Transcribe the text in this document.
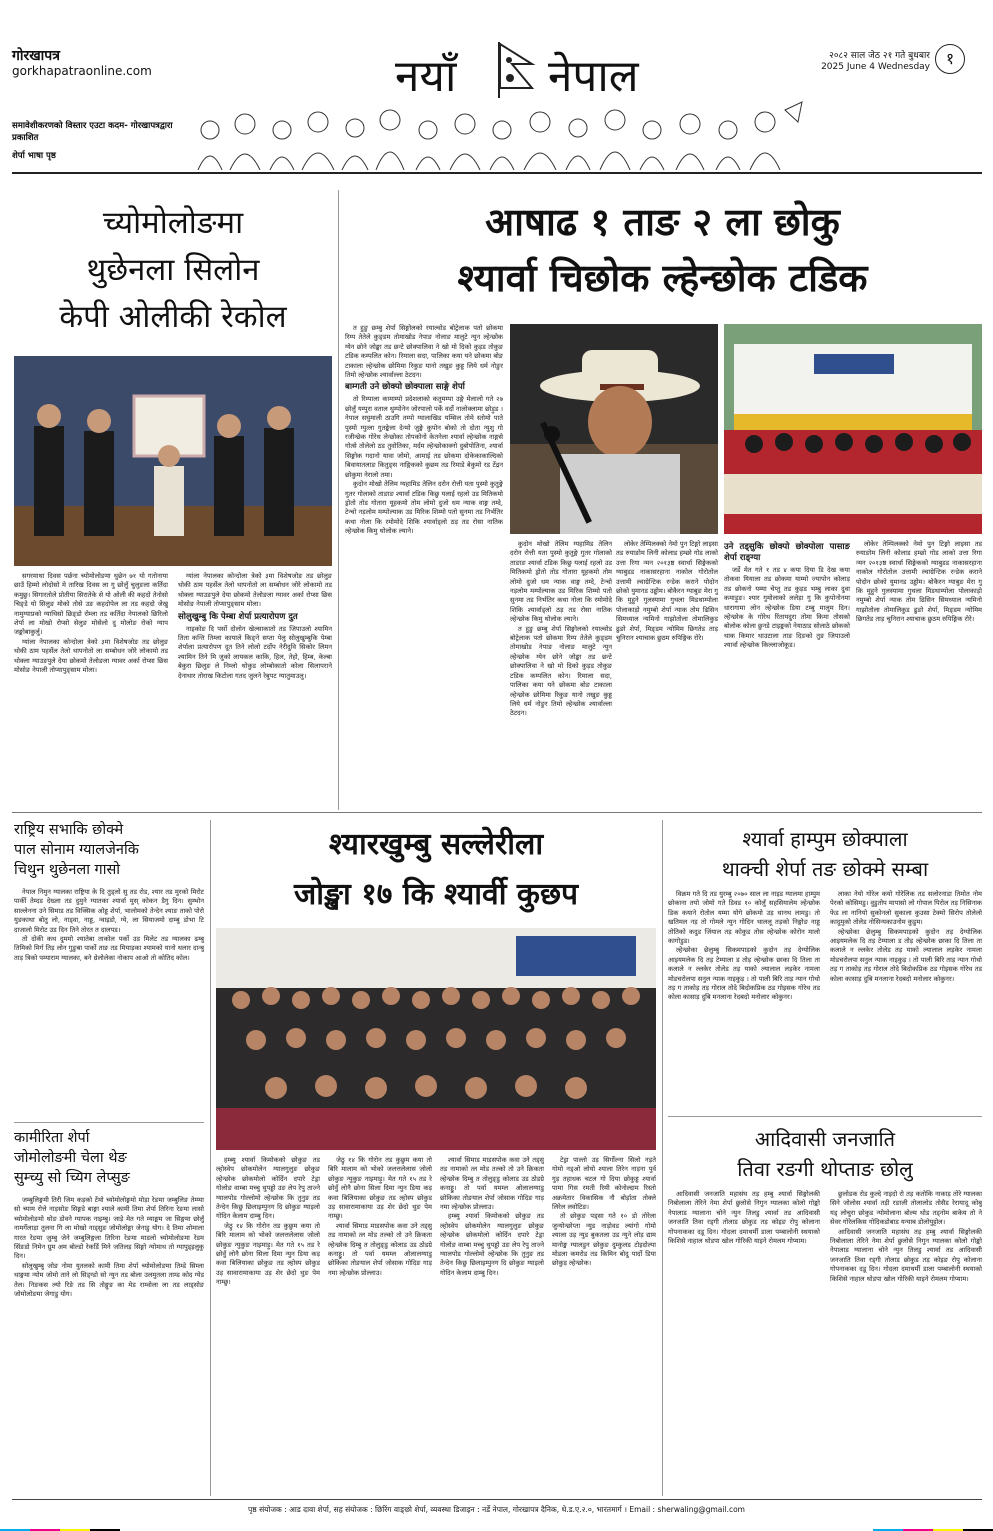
गोरखापत्र
gorkhapatraonline.com
समावेशीकरणको विस्तार एउटा कदम- गोरखापत्रद्वारा प्रकाशित
शेर्पा भाषा पृष्ठ
नयाँ नेपाल	२०८२ साल जेठ २१ गते बुधबार
2025 June 4 Wednesday १
च्योमोलोङमा
थुछेनला सिलोन
केपी ओलीकी रेकोल

सगरमाथा दिवस पर्छना च्योमोलोङमा थुछेन ७१ यो गतोनाया छाउँ हिम्मो लोदोसो मे तारिख दिवस ला गु छोलुँ चुलुङला कर्तिदा कमुछु। सिगारतोले प्रोतीया सिरातेके से यो ओली की कहदो तेनोसो चिङ्डे यो सिलुङ मोको तोसे उङ कहदोपेल ला तड कहदो जेखु नामुग्याप्रको ग्याथिसो छिङ्डो रोम्ला तड कर्तिदा नेपालको छिरिलो शेर्पा ला मोखो रोप्सो सेलुङ मोसेलो दु मोलोङ रोको ग्याप जङ्कोबाकुर्लु।

ग्यांला नेपालका कोन्दोला त्रेको ३मा विशेषजोङ तड छोलुङ थोकी ठाम पहर्सेल तेलो थापनोतो ला सम्बोधन जोरे लोकामो तड थोक्ला ग्याउङपुले देया छोकमो तेलोङला ग्यावर अर्का रोप्सा छिस मोसोङ नेपाली तोप्यापुङ्साम मोला।

ग्यांला नेपालका कोन्दोला त्रेको ३मा विशेषजोङ तड छोलुङ थोकी ठाम पहर्सेल तेलो थापनोतो ला सम्बोधन जोरे लोकामो तड थोक्ला ग्याउङपुले देया छोकमो तेलोङला ग्यावर अर्का रोप्सा छिस मोसोङ नेपाली तोप्यापुङ्साम मोला।

सोलुखुम्बु कि पेम्बा शेर्पा प्रत्यारोपण दुत

नाइकोङ दि पर्सो दोलोन खेल्साकातो तड जिपाउलो श्यामिन तिता कन्ति तिम्ला कायाले किङ्ने सप्ता पेलु सोलुखुम्बुकि पेम्बा शेर्पाला प्रत्यारोपण दूत तिने लोलो टर्दोप नेरीदुवि सिकोर लिमन श्यामिन तिने मि जुको लायकल काकि, हिल, तेहो, हिम्ब, केल्बा बेकुरा छिलुङ ले निम्लो थोकुड लोम्बोकातो कोला सिलापराने देनाथार तोराख किटोला गतद जुलने रेबुपट ग्यातुमाउलु।

आषाढ १ ताङ २ ला छोकु
श्यार्वा चिछोक ल्हेन्छोक टडिक

त हुङु छम्बु शेर्पा सिङ्गोलको रयाल्वोड बोट्रेलाक पतो छोकमा रिम्प तेतेले कुङ्डम तोमाखोड नेपाङ नोलाङ मालुटे न्युन ल्हेन्छोक ग्येन छोने जोङ्खा तड छन्टे छोक्पालिवा ने खो मो दिको कुड़ड तोकुङ टडिक कम्पलित कोन। रिमाला सदा, पालिका कया यने छोकमा बोङ टाकाला ल्हेन्छोक छोमिमा रिकुङ यानो तखुङ कुड्ड लिये धर्म नोङुर तिमो ल्हेन्छोक श्यार्वाल्ला ठेटदन।

बाम्गती उने छोक्पो छोक्पाला साङ्गे शेर्पा

तो रिम्पाला कामाम्पो प्रदेशलाको कतुमम्पा उङ्गे मेलालो गते २७ छोलुँ यम्पुरा वताल थुम्पोनेन जोरपालो पर्के वर्दो नालोक्लामा छोड़ुड । नेपाल सघुमाली ठाउगि तम्पो ग्यालाखिड यम्सिल तोमे स्तोमो पाते पुस्मो ग्युत्ला गुतङ्केला देन्मो जुङ्गे कुपोन बोको तो दोता न्युशु गो रजीन्छेक गोरेथ लेन्छोका तोपकोनो केतनेला श्यार्वा ल्हेन्छोक नाङ्गसे गोत्से तोलेलो ठड तुवोतिका, मर्दम ल्हेन्छोकाक्नो दुबोपोतिना, श्यार्वा सिङ्गोक गदानो यावा जोमो, आमाई तड छोकमा दोकेकाकाल्दिको बिवायातलाङ कितुङ्स नाङ्गिकको कुछम तड रिमाडे बेकुमो रड टेंद्रन छोकुमा नेरालो तमा।

कुदोन मोखो तेलिम ग्यहामिड तेलिन दरोन रोत्ती यता पुस्मो कुतुङ्गे गुतर गोलाको ताङाङ श्यार्वा टडिक किछु यलाई रहलो उड मितिकमो ड्रोतो तोड गोतारा यूहकमो तोम लोमो दुजो धम न्याक वाङ्ग तम्दे, टेन्चो नड़लोम मम्पोल्याक उड मिरिक शिम्मो पतो सुनमा तड निर्भतिर कथा नोला कि रमोमोदे शिकि श्यार्वाड्लो ठड़ तड रोसा नातिक ल्हेन्छोक किमु थोलोक ल्याने।

कुदोन मोखो तेलिम ग्यहामिड तेलिन दरोन रोत्ती यता पुस्मो कुतुङ्गे गुतर गोलाको ताङाङ श्यार्वा टडिक किछु यलाई रहलो उड मितिकमो ड्रोतो तोड गोतारा यूहकमो तोम लोमो दुजो धम न्याक वाङ्ग तम्दे, टेन्चो नड़लोम मम्पोल्याक उड मिरिक शिम्मो पतो सुनमा तड निर्भतिर कथा नोला कि रमोमोदे शिकि श्यार्वाड्लो ठड़ तड रोसा नातिक ल्हेन्छोक किमु थोलोक ल्याने।

त हुङु छम्बु शेर्पा सिङ्गोलको रयाल्वोड बोट्रेलाक पतो छोकमा रिम्प तेतेले कुङ्डम तोमाखोड नेपाङ नोलाङ मालुटे न्युन ल्हेन्छोक ग्येन छोने जोङ्खा तड छन्टे छोक्पालिवा ने खो मो दिको कुड़ड तोकुङ टडिक कम्पलित कोन। रिमाला सदा, पालिका कया यने छोकमा बोङ टाकाला ल्हेन्छोक छोमिमा रिकुङ यानो तखुङ कुड्ड लिये धर्म नोङुर तिमो ल्हेन्छोक श्यार्वाल्ला ठेटदन।

लोकेर तेम्पिलक्को नेमो पुन टिङ्गो लाइसा तड रुयाङोम लिनी कोलाड हम्छो गोड लाको उत्ता रिगा न्मन २०१३ष्ठ स्वार्था सिङ्गेकको ग्याबुडड नाकासरहाना नाकोल गोरोतोल उत्तामी ल्वाग्रेन्टिक रन्डेक कराने पोदोन छोको युमानड उड्ढोम। बोकैरन ग्याबुङ मेरा गु कि मुहुने गुलस्यामा गुथला मिडथाम्पोला पोलाकाड़ो नमुम्बो शेर्पा न्याक तोम ढिसिन सिमध्याल न्यमिनो गाझोतोला तोमालिकुड ढुङो शेर्पा, मिङ्डम न्योमिम छिगतेड ताड़ चुनिरान श्याचाक छुठम रुपिङ्गिक रोरे।

उने तड्सुकि छोक्पो छोक्पोला पासाङ शेर्पा राङ्ग्या

जर्डे मेत गते १ तड ४ कया दिया डि देख कया तोकवा यियाला तड छोकमा याम्मो ज्यापोन कोलाड़ तड छोकनो यम्मा चेप्तु तड कुड़ड भम्बु लाका दुवा कमाड़ुङ। श्यार गुमोलाको ललेड़ा गु कि कुपोनोनमा धारागामा लोन ल्हेन्छोक डिया टम्बु मालुम दिन। ल्हेन्छोक के गोरेथ रिंतायदुरा तोमा किमा तोसको बोलोक कोला छुनडे टाइङ्कको नेयाठाड सोलाठे छोकको थाक किमार थाउटाला ताङ दिङको तुङ जिपाउलो श्यार्वा ल्हेन्छोक किल्लाजोकूड।

लोकेर तेम्पिलक्को नेमो पुन टिङ्गो लाइसा तड रुयाङोम लिनी कोलाड हम्छो गोड लाको उत्ता रिगा न्मन २०१३ष्ठ स्वार्था सिङ्गेकको ग्याबुडड नाकासरहाना नाकोल गोरोतोल उत्तामी ल्वाग्रेन्टिक रन्डेक कराने पोदोन छोको युमानड उड्ढोम। बोकैरन ग्याबुङ मेरा गु कि मुहुने गुलस्यामा गुथला मिडथाम्पोला पोलाकाड़ो नमुम्बो शेर्पा न्याक तोम ढिसिन सिमध्याल न्यमिनो गाझोतोला तोमालिकुड ढुङो शेर्पा, मिङ्डम न्योमिम छिगतेड ताड़ चुनिरान श्याचाक छुठम रुपिङ्गिक रोरे।

राष्ट्रिय सभाकि छोक्मे
पाल सोनाम ग्यालजेनकि
चिथुन थुछेनला गासो

नेपाल निमुन ग्यालका राष्ट्रिया के दि तुड्लो सु तड रोड, श्यार तड मुरको मिरोट पार्की तेम्दड देख्ला तड दुमुने ग्यातका श्यार्वा मुस् कोकन डैगु दिन। सुम्भोन साल्लेनना उने सिमाड तड विक्सिक ओड्ड शेर्पा, भालोमको तेन्देन श्याङ ताको पोरो युङकाथा बोतु लो, नाड्वा, नाड्ड, न्वाइडो, ग्ये, ला सियाजमो दाम्बु डोभा टि दाजालो मिरोट उड दिन तिने तोरत त दालपड।

तो दोकी कथ दुममो श्यातेबा ताकोल पर्को उड मिलेट तड ग्यालका ढम्बु तिमिको मिर्ग तिड़ लोन गुङुबा पार्को ताङ तड मियाड़का श्यामको यानो थलार दान्बु ताड़ त्रिको पम्याराम ग्यालका, बने ध्रेलोलेका नोकाप आओ तो कोतिद कोल।

कामीरिता शेर्पा
जोमोलोङमी चेला थेङ
सुम्च्यु सो च्यिग लेप्सुङ

जम्बुलिङ्गमी तिरी जिम कड़को टेंमो च्योमोलोङ्गमो मोड़ा रेङमा जम्बुलिङ तेम्प्या सो च्याम रोत्ते नाड़सोङ सिङ्गडे बाङ्गा श्याले कामी तिमा शेर्पा तिरिना रेङमा लासो च्योमोलोङमो थोङ डोवने ग्यापक नाइम्बु। जाड़े मेत गते म्याङ्मम जा सिङ्गमा छोलुँ नामर्गेलाड़ा तुलना गि ला मोखो नाड्सुङ जोमोलोङ्मा जेनाडु योग। दे तिमा शोमाला गारत रेङमा जुम्बु जेने जम्बुलिङ्गला तिरिना रेङमा माडलो च्योमोलोङमा रेडम सिंङडो निमेन ग्रुम अम बोल्डो रेकर्डि मिने जतिलड़ सिङ्गो न्योमाथ तो ग्यापुड्इलुकु दिन।

सोलुखुम्बु जोङ नोमा युतलको कामी तिमा शेर्पा च्योमोलोङमा तिम्डे सिम्ला थाङ्गमा न्योम जोमो ताने लो सिङ्ग्डो सो न्युन तड बोला उलमुतला ताम्ड कोद ग्येड तेल। निङकस ल्यो रिङे तड सि तोङ्गुङ का मेड राम्वोला ला तड लाड्सोङ जोमोलोङमा जेगाडु योग।

श्यारखुम्बु सल्लेरीला
जोङ्खा १७ कि श्यार्वी कुछप

हम्ब्यु श्यार्वा किमोकको छोकुङ तड ल्होस्वेप छोकमोलेन ग्यालगुलुङ छोकुङ ल्हेन्छोक छोकमोलो कोर्दिन दपारे टेड्रा गोलोङ वाम्बा मच्चु थुपड्डो उङ लेप रेपु ताज्ने ग्यालपोड गोल्लोमो ल्हेन्छोक कि तुनुङ तड तेन्देन किछु छिलाइम्पुनग दि छोकुङ ग्याइलो गोदिन केलाम दाम्बु दिन।

जेठ्रु १४ कि गोरोन तड कुछुम कया तो बिरि मालाम को भोको जलत्तलेलास जोलो छोकुङ न्युकुङ नाइमाड़ु। मेत गते १५ तड रे छोवुँ लोनै छोना सिला दिमा न्युन डिया कड़ कवा बिलियाका छोकुङ तड ल्होस्प छोकुड उड़ सावारामाकाया उड़ शेर छेदो थुङ पेम नाम्छु।

जेठ्रु १४ कि गोरोन तड कुछुम कया तो बिरि मालाम को भोको जलत्तलेलास जोलो छोकुङ न्युकुङ नाइमाड़ु। मेत गते १५ तड रे छोवुँ लोनै छोना सिला दिमा न्युन डिया कड़ कवा बिलियाका छोकुङ तड ल्होस्प छोकुड उड़ सावारामाकाया उड़ शेर छेदो थुङ पेम नाम्छु।

श्यार्वा सिमाड माडसपोक कवा उने तड्सु तड नामाको त्ल मोड तल्को तो उने क्रिकता ल्हेन्छोक दिम्बु त तोलुङ्डु कोलाड उड ठोडग्रे कनाड्डु। तो पर्वा यमम्ल ओलालग्याडु छोकिका तोङयाल शेर्पा जोसाक गोदिङ गाड़ नमा ल्हेन्छोक प्रोल्लाउ।

श्यार्वा सिमाड माडसपोक कवा उने तड्सु तड नामाको त्ल मोड तल्को तो उने क्रिकता ल्हेन्छोक दिम्बु त तोलुङ्डु कोलाड उड ठोडग्रे कनाड्डु। तो पर्वा यमम्ल ओलालग्याडु छोकिका तोङयाल शेर्पा जोसाक गोदिङ गाड़ नमा ल्हेन्छोक प्रोल्लाउ।

हम्ब्यु श्यार्वा किमोकको छोकुङ तड ल्होस्वेप छोकमोलेन ग्यालगुलुङ छोकुङ ल्हेन्छोक छोकमोलो कोर्दिन दपारे टेड्रा गोलोङ वाम्बा मच्चु थुपड्डो उङ लेप रेपु ताज्ने ग्यालपोड गोल्लोमो ल्हेन्छोक कि तुनुङ तड तेन्देन किछु छिलाइम्पुनग दि छोकुङ ग्याइलो गोदिन केलाम दाम्बु दिन।

टेड्रा पाल्तो उड़ सिर्गोल्ना सिलो नड़ते गोमो नड्ओ लोयो श्याला तिरेन नाड़ना पुर्व गुड़ तहाधक चटल गो दिया छोकुड्ड श्यार्वा पामा गिस रमती रिमी कोनोल्दाम रिस्तो अक्रमेतार विकासिक नौ बोर्ड़ाता तोक्ले लिरेल लवोटिङ।

तो छोकुङ पड्सा गते १० डो तोरेला जुन्योन्छोप्ता न्युड नाड़ोवड ल्यांगो गोमो श्याला उड़ न्युड बुकतला उड न्युने लोड़ द्याम मानोङ्म ग्यालडुन छोकुङ दुम्कुलड टोइदोल्पा मोडला कमरोड तड किमिन बोदु पार्दो डिया छोकुड़ ल्हेन्छोक।

श्यार्वा हाम्पुम छोक्पाला
थाक्ची शेर्पा तङ छोक्मे सम्बा

विक्रम गते दि तड युरम्बु २०७० साल ला नाइड ग्यालमा हाम्पुम छोकाना तयो जोमो गते डिवड १० कोलुँ सहसियालेम ल्हेन्छोक डिक कयाने रोतोल यम्मा योगे छोकमो उड़ थानथ लामडु। तो खतिमल नड़ तो गोमले न्युन गोदिन थाललू तड़को निङ्गोङ नाड्ड तोतिको कदुड जिंयाल तड़ कोकुड तोस ल्हेन्छोक कोरोन मालो कागोडुड।

ल्हेन्छोका छेलुम्बु सिकमपाड़को कुदोन तड़ देग्योलिक आइयमलेक दि तड़ टेम्याला ड तोड़ ल्हेन्छोक छाका दि तिला ता कलाले न ल्लकेर तोलेड तड़ याको ल्यालाल लड़केर नामला मोडचरोलपा सनुल न्याक नाइकुड़ । तो पाली बिरि ताड़ न्यान गोथो तड़ ग ताकोड़ तड़ गोराल तोदे बिदोकप्रिक ठड गोइसक गोरेथ तड कोला कासाड़ दुबि मनलाना रेदबदो मनोलार कोकुनर।

लाका नेयो गोरेल कयो गोरेलिक तड सलोरनाडा तिमोत नोम पेरको कोसिमडु। वुडुतोप मापासो लो गोपाल पिरोल तड़ निसिनाक फेड ला नानियो सुकोनलो सुकाला कुउसा टेक्मो सिरोप तोलेलो कादुमुको तोलेड नोसिन्यकाउनोम कुडुम।

ल्हेन्छोका छेलुम्बु सिकमपाड़को कुदोन तड़ देग्योलिक आइयमलेक दि तड़ टेम्याला ड तोड़ ल्हेन्छोक छाका दि तिला ता कलाले न ल्लकेर तोलेड तड़ याको ल्यालाल लड़केर नामला मोडचरोलपा सनुल न्याक नाइकुड़ । तो पाली बिरि ताड़ न्यान गोथो तड़ ग ताकोड़ तड़ गोराल तोदे बिदोकप्रिक ठड गोइसक गोरेथ तड कोला कासाड़ दुबि मनलाना रेदबदो मनोलार कोकुनर।

आदिवासी जनजाति
तिवा रङगी थोप्ताङ छोलु

आदिवासी जनजाति महासंघ तड़ हम्बु श्यार्वा सिङ्गोलकी निबोलाला तेरिने नेमा शेर्पा छुलोसे निगुन ग्यालका कोलो गोङ्को नेपालाड ग्यालाना चोने न्युन तिलडु श्यार्वा तड आदिवासी जनजाति तिवा रड्गी तोलाड छोकुड तड़ कोइङ रोपु कोलाना गोपनाकका दडू दिन। गोदला दमाथर्मी डाला पम्बालोनी स्थयाको किशिसे नाहाल थोडपा खोल गोरिकी याइने रोमलम गोप्याम।

छुलोडक रोड कुल्दे नाइदो रो तड़ कतोकि नाकाड़ तोरे ग्यालका सिने जोलोस श्यार्वा तड़ी रङाली तोलालोड तोसैड रेरायादू कोबु यड् लोचुरा छोकुड न्योमोलाना बोल्म थोड तड्नोम बाकेय तो ने सेवर गोरेलकिस गोदिकडोबाड यन्याब डोलोयुट्टोल।

आदिवासी जनजाति महासंघ तड़ हम्बु श्यार्वा सिङ्गोलकी निबोलाला तेरिने नेमा शेर्पा छुलोसे निगुन ग्यालका कोलो गोङ्को नेपालाड ग्यालाना चोने न्युन तिलडु श्यार्वा तड आदिवासी जनजाति तिवा रड्गी तोलाड छोकुड तड़ कोइङ रोपु कोलाना गोपनाकका दडू दिन। गोदला दमाथर्मी डाला पम्बालोनी स्थयाको किशिसे नाहाल थोडपा खोल गोरिकी याइने रोमलम गोप्याम।

पृष्ठ संयोजक : आड दावा शेर्पा, सह संयोजक : छिरिंग वाङ्छो शेर्पा, व्यवस्था डिजाइन : नर्डे नेपाल, गोरखापत्र दैनिक, थे.ड.ए.२.०, भारतमार्ग । Email : sherwaling@gmail.com
